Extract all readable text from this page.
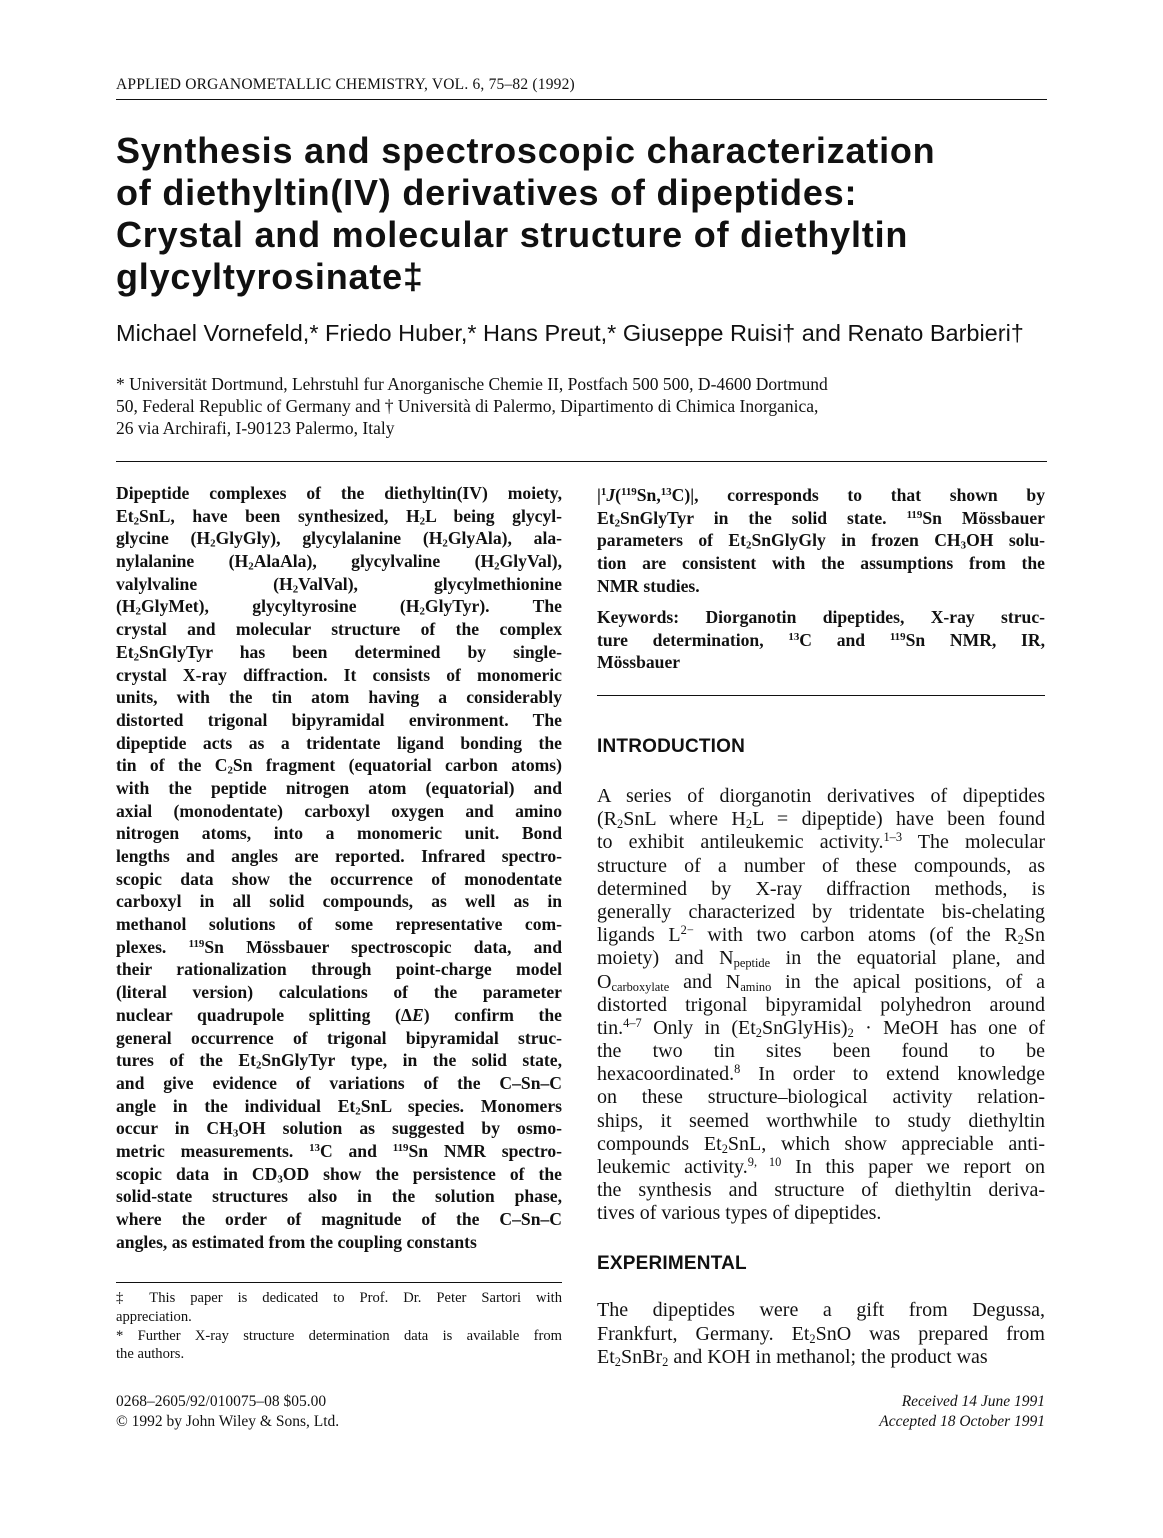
APPLIED ORGANOMETALLIC CHEMISTRY, VOL. 6, 75–82 (1992)
Synthesis and spectroscopic characterization
of diethyltin(IV) derivatives of dipeptides:
Crystal and molecular structure of diethyltin
glycyltyrosinate‡
Michael Vornefeld,* Friedo Huber,* Hans Preut,* Giuseppe Ruisi† and Renato Barbieri†
* Universität Dortmund, Lehrstuhl fur Anorganische Chemie II, Postfach 500 500, D-4600 Dortmund
50, Federal Republic of Germany and † Università di Palermo, Dipartimento di Chimica Inorganica,
26 via Archirafi, I-90123 Palermo, Italy
Dipeptide complexes of the diethyltin(IV) moiety,
$Et_2SnL$, have been synthesized, $H_2L$ being glycyl-
glycine $(H_2GlyGly)$, glycylalanine $(H_2GlyAla)$, ala-
nylalanine $(H_2AlaAla)$, glycylvaline $(H_2GlyVal)$,
valylvaline $(H_2ValVal)$, glycylmethionine
$(H_2GlyMet)$, glycyltyrosine $(H_2GlyTyr)$. The
crystal and molecular structure of the complex
$Et_2SnGlyTyr$ has been determined by single-
crystal X-ray diffraction. It consists of monomeric
units, with the tin atom having a considerably
distorted trigonal bipyramidal environment. The
dipeptide acts as a tridentate ligand bonding the
tin of the $C_2Sn$ fragment (equatorial carbon atoms)
with the peptide nitrogen atom (equatorial) and
axial (monodentate) carboxyl oxygen and amino
nitrogen atoms, into a monomeric unit. Bond
lengths and angles are reported. Infrared spectro-
scopic data show the occurrence of monodentate
carboxyl in all solid compounds, as well as in
methanol solutions of some representative com-
plexes. $^{119}$Sn Mössbauer spectroscopic data, and
their rationalization through point-charge model
(literal version) calculations of the parameter
nuclear quadrupole splitting (ΔE) confirm the
general occurrence of trigonal bipyramidal struc-
tures of the $Et_2SnGlyTyr$ type, in the solid state,
and give evidence of variations of the C–Sn–C
angle in the individual $Et_2SnL$ species. Monomers
occur in $CH_3OH$ solution as suggested by osmo-
metric measurements. $^{13}$C and $^{119}$Sn NMR spectro-
scopic data in $CD_3OD$ show the persistence of the
solid-state structures also in the solution phase,
where the order of magnitude of the C–Sn–C
angles, as estimated from the coupling constants
$|^1J(^{119}Sn,^{13}C)|$, corresponds to that shown by
$Et_2SnGlyTyr$ in the solid state. $^{119}$Sn Mössbauer
parameters of $Et_2SnGlyGly$ in frozen $CH_3OH$ solu-
tion are consistent with the assumptions from the
NMR studies.
Keywords: Diorganotin dipeptides, X-ray struc-
ture determination, $^{13}$C and $^{119}$Sn NMR, IR,
Mössbauer
INTRODUCTION
A series of diorganotin derivatives of dipeptides
($R_2SnL$ where $H_2L$ = dipeptide) have been found
to exhibit antileukemic activity.$^{1-3}$ The molecular
structure of a number of these compounds, as
determined by X-ray diffraction methods, is
generally characterized by tridentate bis-chelating
ligands $L^{2-}$ with two carbon atoms (of the $R_2Sn$
moiety) and $N_{peptide}$ in the equatorial plane, and
$O_{carboxylate}$ and $N_{amino}$ in the apical positions, of a
distorted trigonal bipyramidal polyhedron around
tin.$^{4-7}$ Only in $(Et_2SnGlyHis)_2$ · MeOH has one of
the two tin sites been found to be
hexacoordinated.$^8$ In order to extend knowledge
on these structure–biological activity relation-
ships, it seemed worthwhile to study diethyltin
compounds $Et_2SnL$, which show appreciable anti-
leukemic activity.$^{9, 10}$ In this paper we report on
the synthesis and structure of diethyltin deriva-
tives of various types of dipeptides.
EXPERIMENTAL
The dipeptides were a gift from Degussa,
Frankfurt, Germany. $Et_2SnO$ was prepared from
$Et_2SnBr_2$ and KOH in methanol; the product was
‡ This paper is dedicated to Prof. Dr. Peter Sartori with
appreciation.
* Further X-ray structure determination data is available from
the authors.
0268–2605/92/010075–08 $05.00
© 1992 by John Wiley & Sons, Ltd.
Received 14 June 1991
Accepted 18 October 1991
